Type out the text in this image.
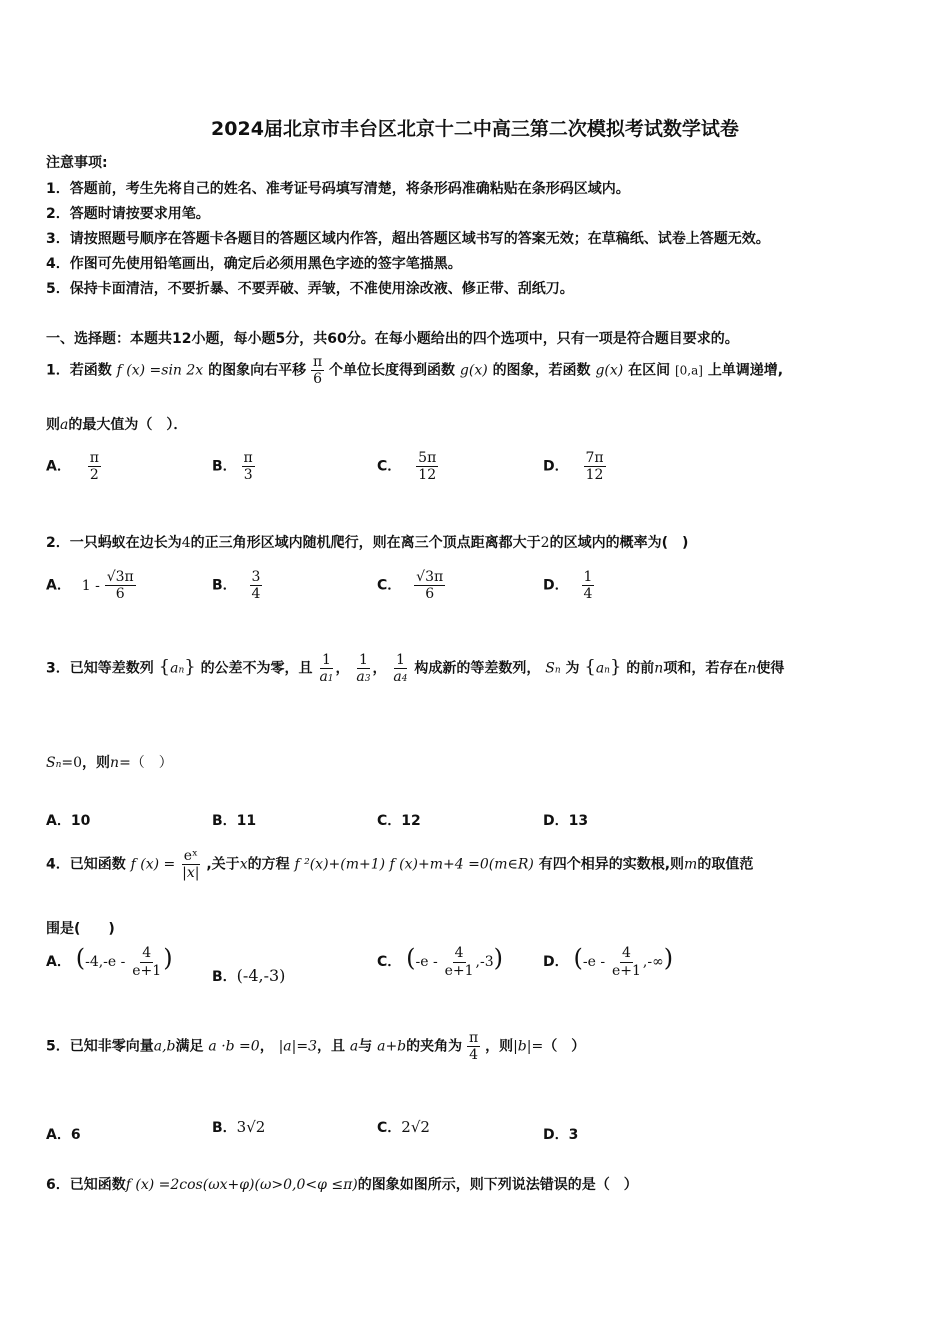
2024届北京市丰台区北京十二中高三第二次模拟考试数学试卷
注意事项:
1．答题前，考生先将自己的姓名、准考证号码填写清楚，将条形码准确粘贴在条形码区域内。
2．答题时请按要求用笔。
3．请按照题号顺序在答题卡各题目的答题区域内作答，超出答题区域书写的答案无效；在草稿纸、试卷上答题无效。
4．作图可先使用铅笔画出，确定后必须用黑色字迹的签字笔描黑。
5．保持卡面清洁，不要折暴、不要弄破、弄皱，不准使用涂改液、修正带、刮纸刀。
一、选择题：本题共12小题，每小题5分，共60分。在每小题给出的四个选项中，只有一项是符合题目要求的。
1．若函数 f (x) =sin 2x 的图象向右平移 $\frac{\pi}{6}$ 个单位长度得到函数 g(x) 的图象，若函数 g(x) 在区间 [0,a] 上单调递增,
则a的最大值为（　）．
A． $\frac{\pi}{2}$	B． $\frac{\pi}{3}$	C． $\frac{5\pi}{12}$	D． $\frac{7\pi}{12}$
2．一只蚂蚁在边长为4的正三角形区域内随机爬行，则在离三个顶点距离都大于2的区域内的概率为(　)
A． $1 - \frac{√3\pi}{6}$	B． $\frac{3}{4}$	C． $\frac{√3\pi}{6}$	D． $\frac{1}{4}$
3．已知等差数列 {an} 的公差不为零，且 $\frac{1}{a1}$ ， $\frac{1}{a3}$ ， $\frac{1}{a4}$ 构成新的等差数列， Sn 为 {an} 的前n项和，若存在n使得
Sn=0，则n=（　）
A．10	B．11	C．12	D．13
4．已知函数 f $(x) = \frac{\text{eˣ}}{|x|}$ ,关于x的方程 f ²(x)+(m+1) f (x)+m+4 =0(m∈R) 有四个相异的实数根,则m的取值范
围是(　　)
A． ($-4,-e - \frac{4}{e+1}$ )
B．(-4,-3)
C． $(-e - \frac{4}{e+1} ,-3)$	D． ($-e - \frac{4}{e+1}$ ,-∞)
5．已知非零向量a,b满足 a ·b =0， |a|=3，且 a与 a+b的夹角为 $\frac{\pi}{4}$ ，则|b|=（　）
A．6	B．3√2	C．2√2	D．3
6．已知函数f (x) =2cos(ωx+φ)(ω>0,0<φ ≤π)的图象如图所示，则下列说法错误的是（　）
